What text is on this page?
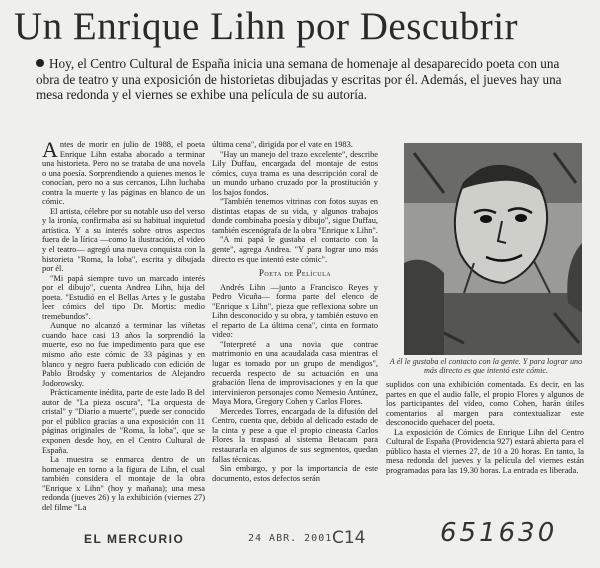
Un Enrique Lihn por Descubrir
Hoy, el Centro Cultural de España inicia una semana de homenaje al desaparecido poeta con una obra de teatro y una exposición de historietas dibujadas y escritas por él. Además, el jueves hay una mesa redonda y el viernes se exhibe una película de su autoría.

Antes de morir en julio de 1988, el poeta Enrique Lihn estaba abocado a terminar una historieta. Pero no se trataba de una novela o una poesía. Sorprendiendo a quienes menos le conocían, pero no a sus cercanos, Lihn luchaba contra la muerte y las páginas en blanco de un cómic.

El artista, célebre por su notable uso del verso y la ironía, confirmaba así su habitual inquietud artística. Y a su interés sobre otros aspectos fuera de la lírica —como la ilustración, el video y el teatro— agregó una nueva conquista con la historieta "Roma, la loba", escrita y dibujada por él.

"Mi papá siempre tuvo un marcado interés por el dibujo", cuenta Andrea Lihn, hija del poeta. "Estudió en el Bellas Artes y le gustaba leer cómics del tipo Dr. Mortis: medio tremebundos".

Aunque no alcanzó a terminar las viñetas cuando hace casi 13 años la sorprendió la muerte, eso no fue impedimento para que ese mismo año este cómic de 33 páginas y en blanco y negro fuera publicado con edición de Pablo Brodsky y comentarios de Alejandro Jodorowsky.

Prácticamente inédita, parte de este lado B del autor de "La pieza oscura", "La orquesta de cristal" y "Diario a muerte", puede ser conocido por el público gracias a una exposición con 11 páginas originales de "Roma, la loba", que se exponen desde hoy, en el Centro Cultural de España.

La muestra se enmarca dentro de un homenaje en torno a la figura de Lihn, el cual también considera el montaje de la obra "Enrique x Lihn" (hoy y mañana); una mesa redonda (jueves 26) y la exhibición (viernes 27) del filme "La

última cena", dirigida por el vate en 1983.

"Hay un manejo del trazo excelente", describe Lily Duffau, encargada del montaje de estos cómics, cuya trama es una descripción coral de un mundo urbano cruzado por la prostitución y los bajos fondos.

"También tenemos vitrinas con fotos suyas en distintas etapas de su vida, y algunos trabajos donde combinaba poesía y dibujo", sigue Duffau, también escenógrafa de la obra "Enrique x Lihn".

"A mi papá le gustaba el contacto con la gente", agrega Andrea. "Y para lograr uno más directo es que intentó este cómic".

Poeta de Película

Andrés Lihn —junto a Francisco Reyes y Pedro Vicuña— forma parte del elenco de "Enrique x Lihn", pieza que reflexiona sobre un Lihn desconocido y su obra, y también estuvo en el reparto de La última cena", cinta en formato video:

"Interpreté a una novia que contrae matrimonio en una acaudalada casa mientras el lugar es tomado por un grupo de mendigos", recuerda respecto de su actuación en una grabación llena de improvisaciones y en la que intervinieron personajes como Nemesio Antúnez, Maya Mora, Gregory Cohen y Carlos Flores.

Mercedes Torres, encargada de la difusión del Centro, cuenta que, debido al delicado estado de la cinta y pese a que el propio cineasta Carlos Flores la traspasó al sistema Betacam para restaurarla en algunos de sus segmentos, quedan fallas técnicas.

Sin embargo, y por la importancia de este documento, estos defectos serán

A él le gustaba el contacto con la gente. Y para lograr uno más directo es que intentó este cómic.

suplidos con una exhibición comentada. Es decir, en las partes en que el audio falle, el propio Flores y algunos de los participantes del video, como Cohen, harán útiles comentarios al margen para contextualizar este desconocido quehacer del poeta.

La exposición de Cómics de Enrique Lihn del Centro Cultural de España (Providencia 927) estará abierta para el público hasta el viernes 27, de 10 a 20 horas. En tanto, la mesa redonda del jueves y la película del viernes están programadas para las 19.30 horas. La entrada es liberada.

EL MERCURIO	24 ABR. 2001 C14	651630
